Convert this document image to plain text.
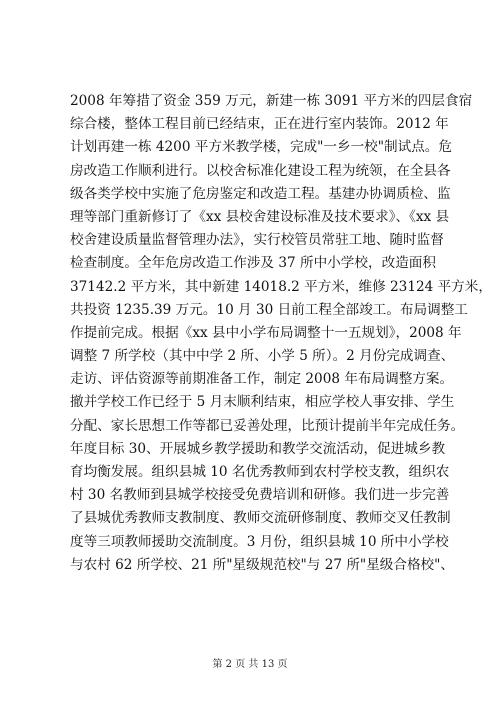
2008 年筹措了资金 359 万元，新建一栋 3091 平方米的四层食宿
综合楼，整体工程目前已经结束，正在进行室内装饰。2012 年
计划再建一栋 4200 平方米教学楼，完成"一乡一校"制试点。危
房改造工作顺利进行。以校舍标准化建设工程为统领，在全县各
级各类学校中实施了危房鉴定和改造工程。基建办协调质检、监
理等部门重新修订了《xx 县校舍建设标准及技术要求》、《xx 县
校舍建设质量监督管理办法》，实行校管员常驻工地、随时监督
检查制度。全年危房改造工作涉及 37 所中小学校，改造面积
37142.2 平方米，其中新建 14018.2 平方米，维修 23124 平方米，
共投资 1235.39 万元。10 月 30 日前工程全部竣工。布局调整工
作提前完成。根据《xx 县中小学布局调整十一五规划》，2008 年
调整 7 所学校（其中中学 2 所、小学 5 所）。2 月份完成调查、
走访、评估资源等前期准备工作，制定 2008 年布局调整方案。
撤并学校工作已经于 5 月末顺利结束，相应学校人事安排、学生
分配、家长思想工作等都已妥善处理，比预计提前半年完成任务。
年度目标 30、开展城乡教学援助和教学交流活动，促进城乡教
育均衡发展。组织县城 10 名优秀教师到农村学校支教，组织农
村 30 名教师到县城学校接受免费培训和研修。我们进一步完善
了县城优秀教师支教制度、教师交流研修制度、教师交叉任教制
度等三项教师援助交流制度。3 月份，组织县城 10 所中小学校
与农村 62 所学校、21 所"星级规范校"与 27 所"星级合格校"、
第 2 页 共 13 页
